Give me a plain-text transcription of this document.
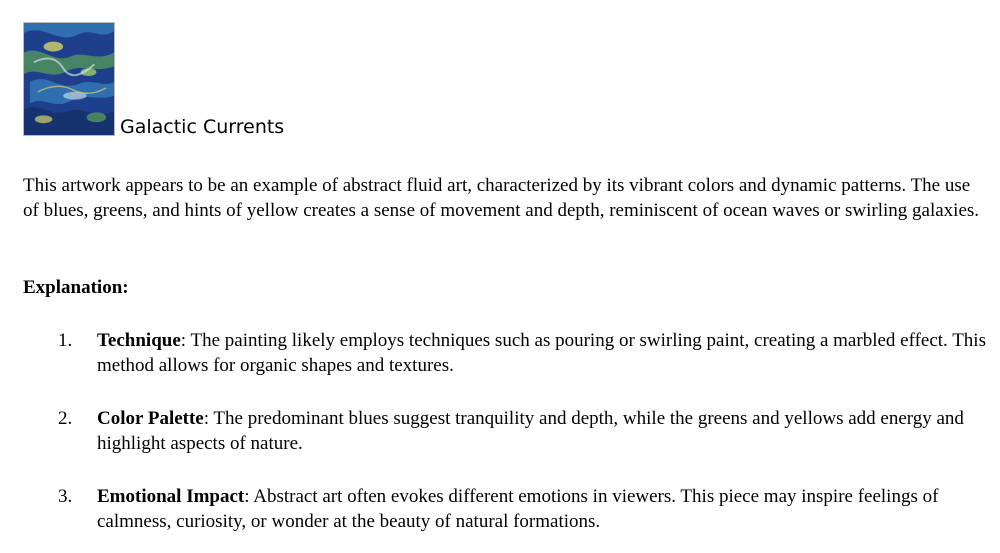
Galactic Currents

This artwork appears to be an example of abstract fluid art, characterized by its vibrant colors and dynamic patterns. The use of blues, greens, and hints of yellow creates a sense of movement and depth, reminiscent of ocean waves or swirling galaxies.

Explanation:

1.	Technique: The painting likely employs techniques such as pouring or swirling paint, creating a marbled effect. This method allows for organic shapes and textures.
2.	Color Palette: The predominant blues suggest tranquility and depth, while the greens and yellows add energy and highlight aspects of nature.
3.	Emotional Impact: Abstract art often evokes different emotions in viewers. This piece may inspire feelings of calmness, curiosity, or wonder at the beauty of natural formations.
